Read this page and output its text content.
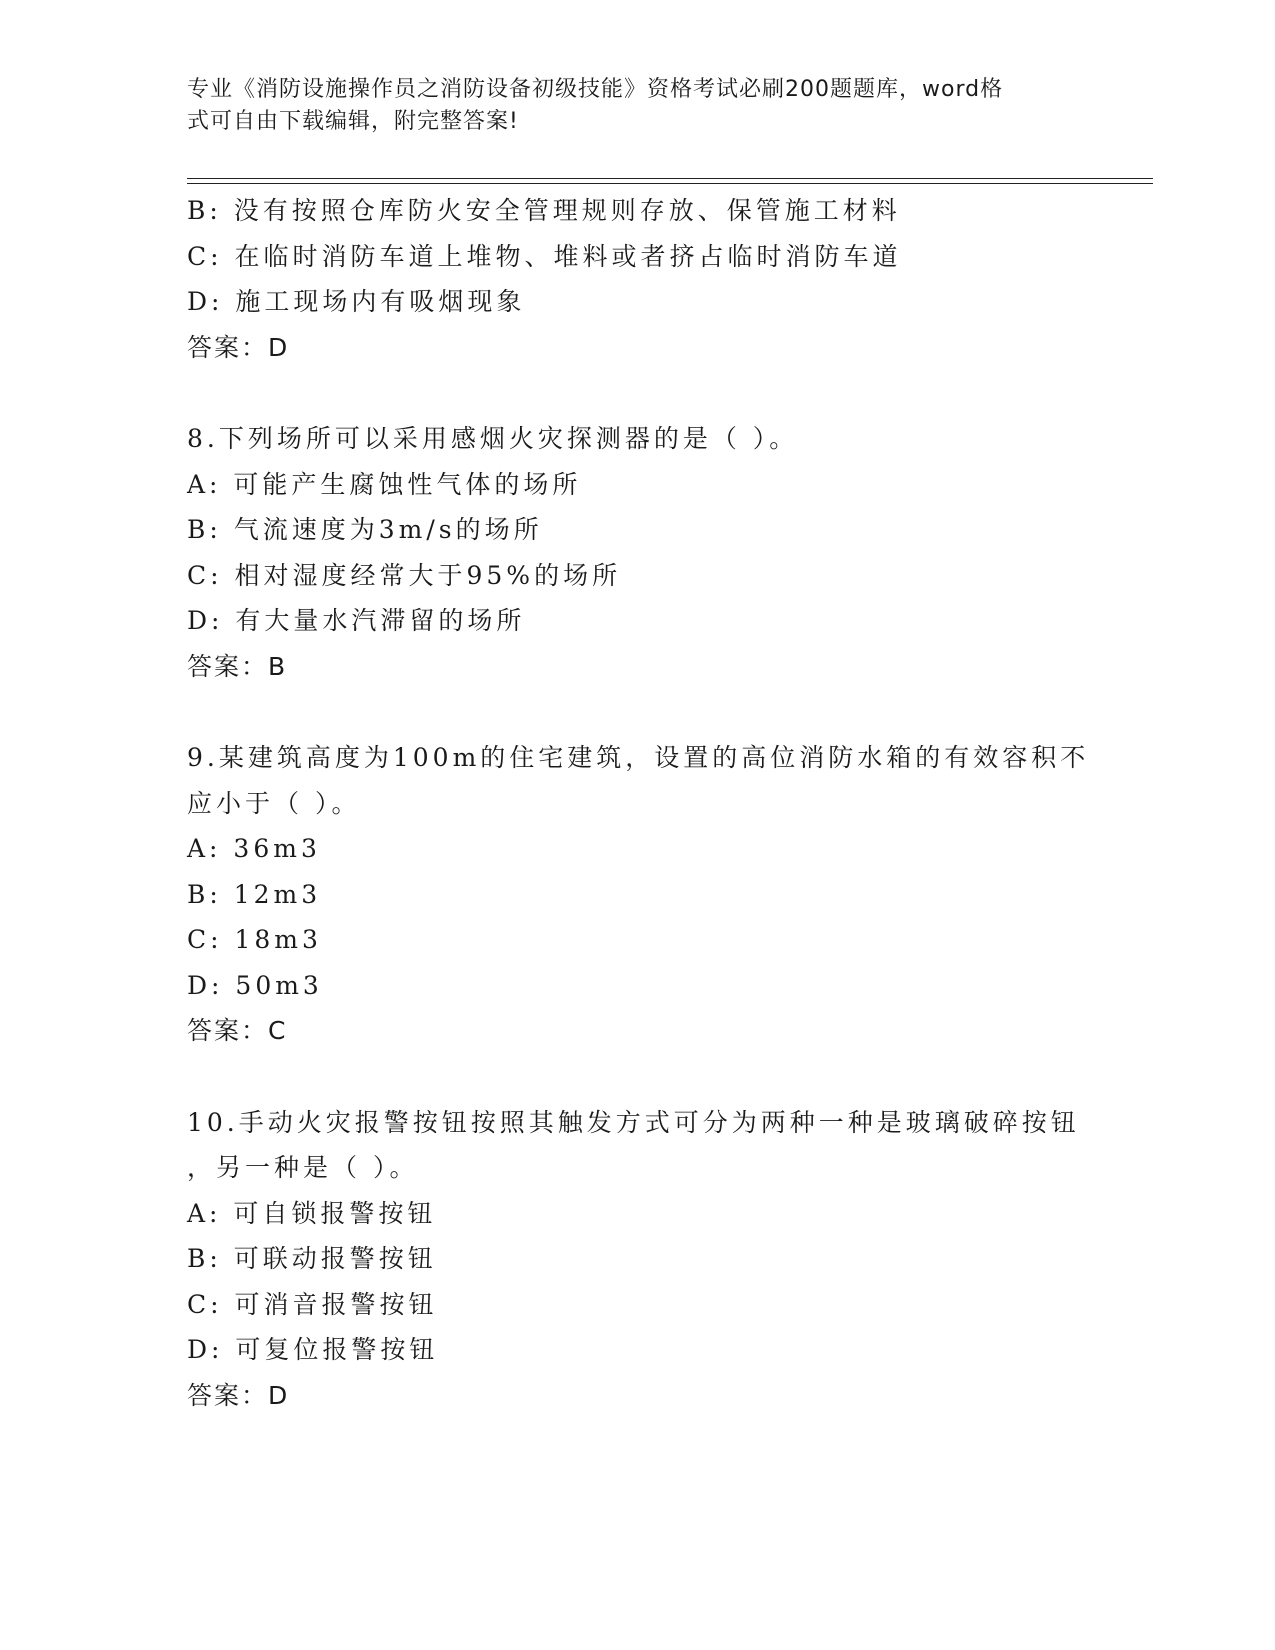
专业《消防设施操作员之消防设备初级技能》资格考试必刷200题题库，word格
式可自由下载编辑，附完整答案!
B: 没有按照仓库防火安全管理规则存放、保管施工材料
C: 在临时消防车道上堆物、堆料或者挤占临时消防车道
D: 施工现场内有吸烟现象
答案：D
8.下列场所可以采用感烟火灾探测器的是（ ）。
A: 可能产生腐蚀性气体的场所
B: 气流速度为3m/s的场所
C: 相对湿度经常大于95%的场所
D: 有大量水汽滞留的场所
答案：B
9.某建筑高度为100m的住宅建筑，设置的高位消防水箱的有效容积不
应小于（ ）。
A: 36m3
B: 12m3
C: 18m3
D: 50m3
答案：C
10.手动火灾报警按钮按照其触发方式可分为两种一种是玻璃破碎按钮
，另一种是（ ）。
A: 可自锁报警按钮
B: 可联动报警按钮
C: 可消音报警按钮
D: 可复位报警按钮
答案：D
